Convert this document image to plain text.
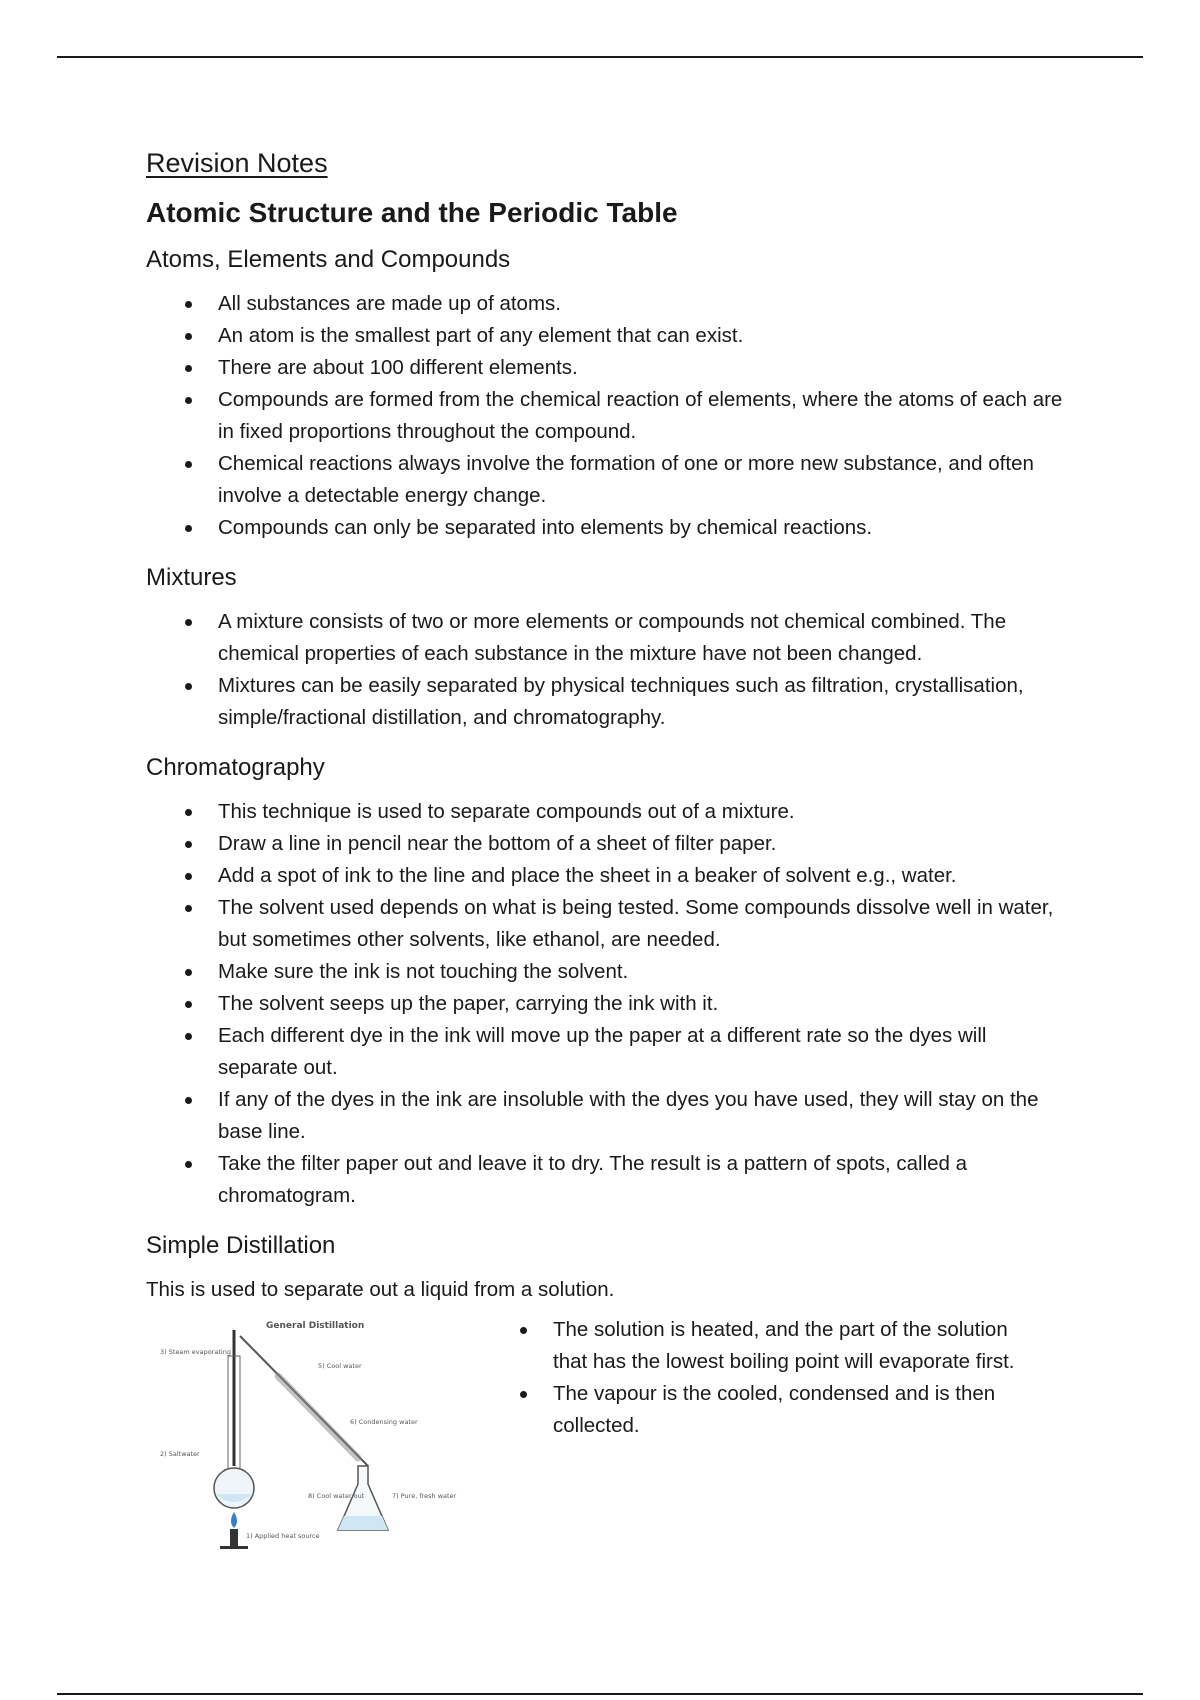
Revision Notes
Atomic Structure and the Periodic Table
Atoms, Elements and Compounds
All substances are made up of atoms.
An atom is the smallest part of any element that can exist.
There are about 100 different elements.
Compounds are formed from the chemical reaction of elements, where the atoms of each are in fixed proportions throughout the compound.
Chemical reactions always involve the formation of one or more new substance, and often involve a detectable energy change.
Compounds can only be separated into elements by chemical reactions.
Mixtures
A mixture consists of two or more elements or compounds not chemical combined. The chemical properties of each substance in the mixture have not been changed.
Mixtures can be easily separated by physical techniques such as filtration, crystallisation, simple/fractional distillation, and chromatography.
Chromatography
This technique is used to separate compounds out of a mixture.
Draw a line in pencil near the bottom of a sheet of filter paper.
Add a spot of ink to the line and place the sheet in a beaker of solvent e.g., water.
The solvent used depends on what is being tested. Some compounds dissolve well in water, but sometimes other solvents, like ethanol, are needed.
Make sure the ink is not touching the solvent.
The solvent seeps up the paper, carrying the ink with it.
Each different dye in the ink will move up the paper at a different rate so the dyes will separate out.
If any of the dyes in the ink are insoluble with the dyes you have used, they will stay on the base line.
Take the filter paper out and leave it to dry. The result is a pattern of spots, called a chromatogram.
Simple Distillation
This is used to separate out a liquid from a solution.
General Distillation
3) Steam evaporating
5) Cool water
6) Condensing water
2) Saltwater
1) Applied heat source
8) Cool water out	7) Pure, fresh water
The solution is heated, and the part of the solution that has the lowest boiling point will evaporate first.
The vapour is the cooled, condensed and is then collected.
